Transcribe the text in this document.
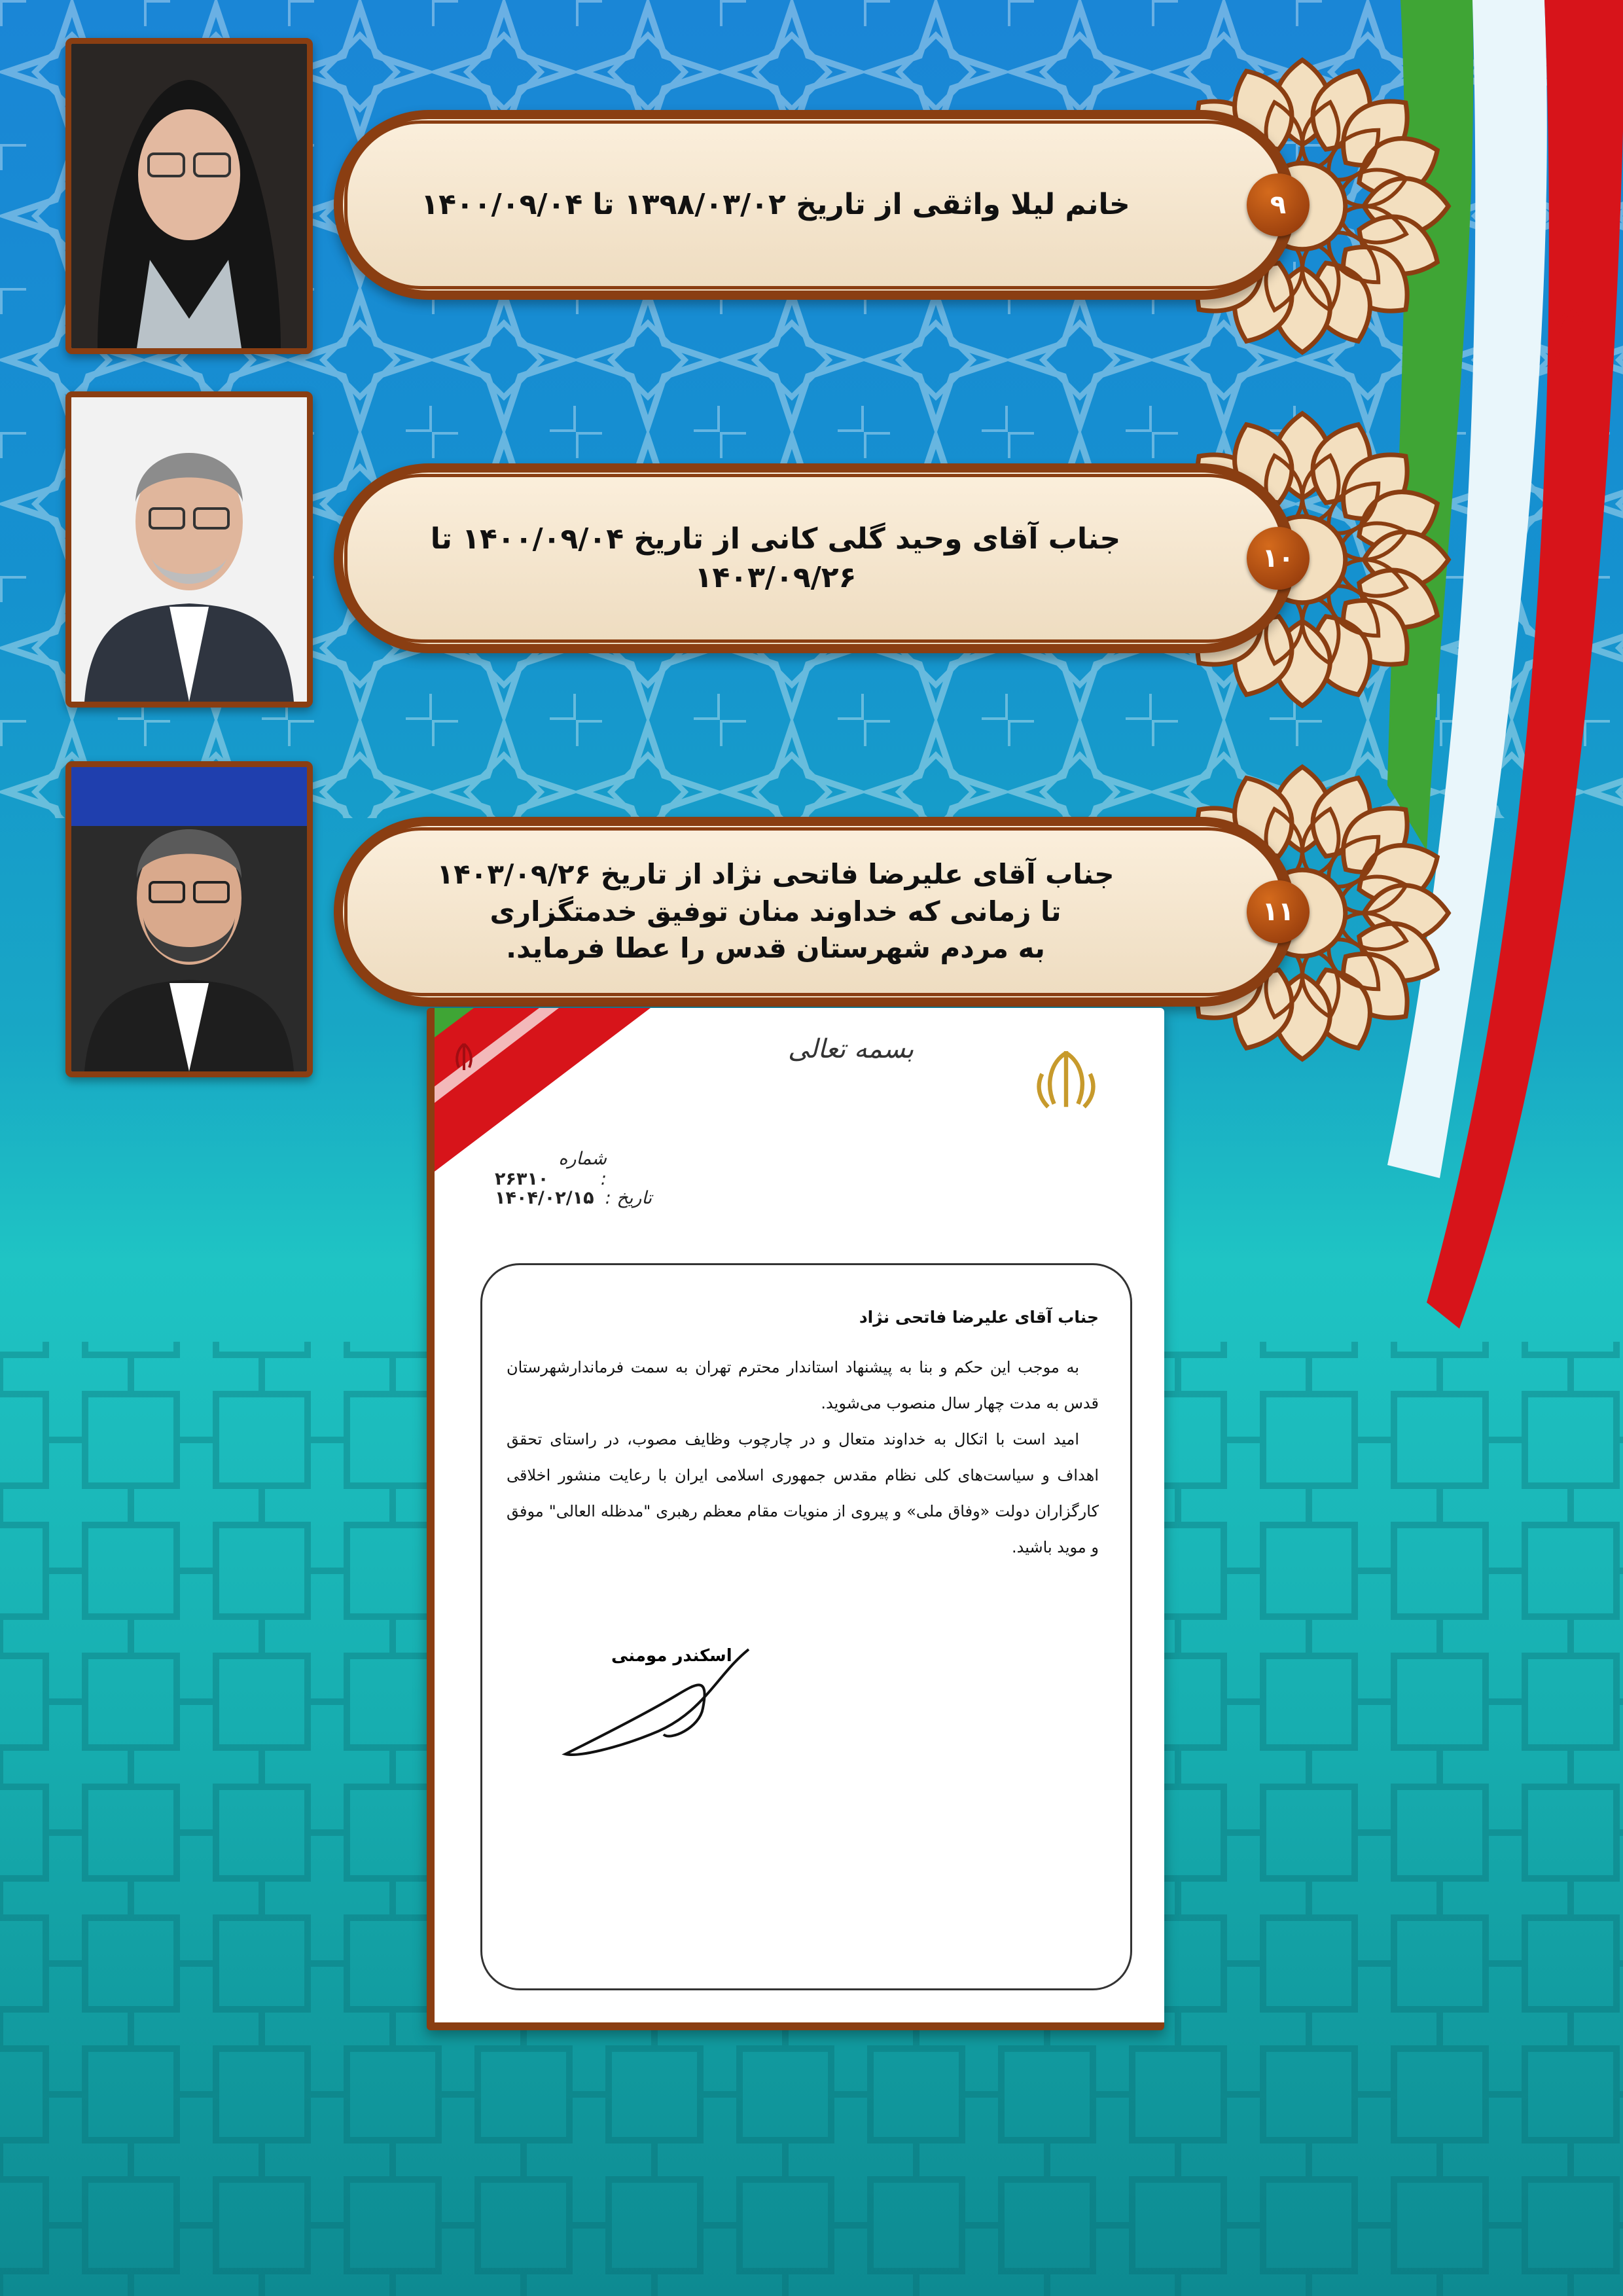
خانم لیلا واثقی از تاریخ ۱۳۹۸/۰۳/۰۲ تا ۱۴۰۰/۰۹/۰۴	۹
جناب آقای وحید گلی کانی از تاریخ ۱۴۰۰/۰۹/۰۴ تا ۱۴۰۳/۰۹/۲۶
۱۰
جناب آقای علیرضا فاتحی نژاد از تاریخ ۱۴۰۳/۰۹/۲۶
تا زمانی که خداوند منان توفیق خدمتگزاری
به مردم شهرستان قدس را عطا فرماید.
۱۱
بسمه تعالی
شماره : ۲۶۳۱۰
تاریخ : ۱۴۰۴/۰۲/۱۵
جناب آقای علیرضا فاتحی نژاد
به موجب این حکم و بنا به پیشنهاد استاندار محترم تهران به سمت فرماندارشهرستان قدس به مدت چهار سال منصوب می‌شوید.
امید است با اتکال به خداوند متعال و در چارچوب وظایف مصوب، در راستای تحقق اهداف و سیاست‌های کلی نظام مقدس جمهوری اسلامی ایران با رعایت منشور اخلاقی کارگزاران دولت «وفاق ملی» و پیروی از منویات مقام معظم رهبری "مدظله العالی" موفق و موید باشید.
اسکندر مومنی
